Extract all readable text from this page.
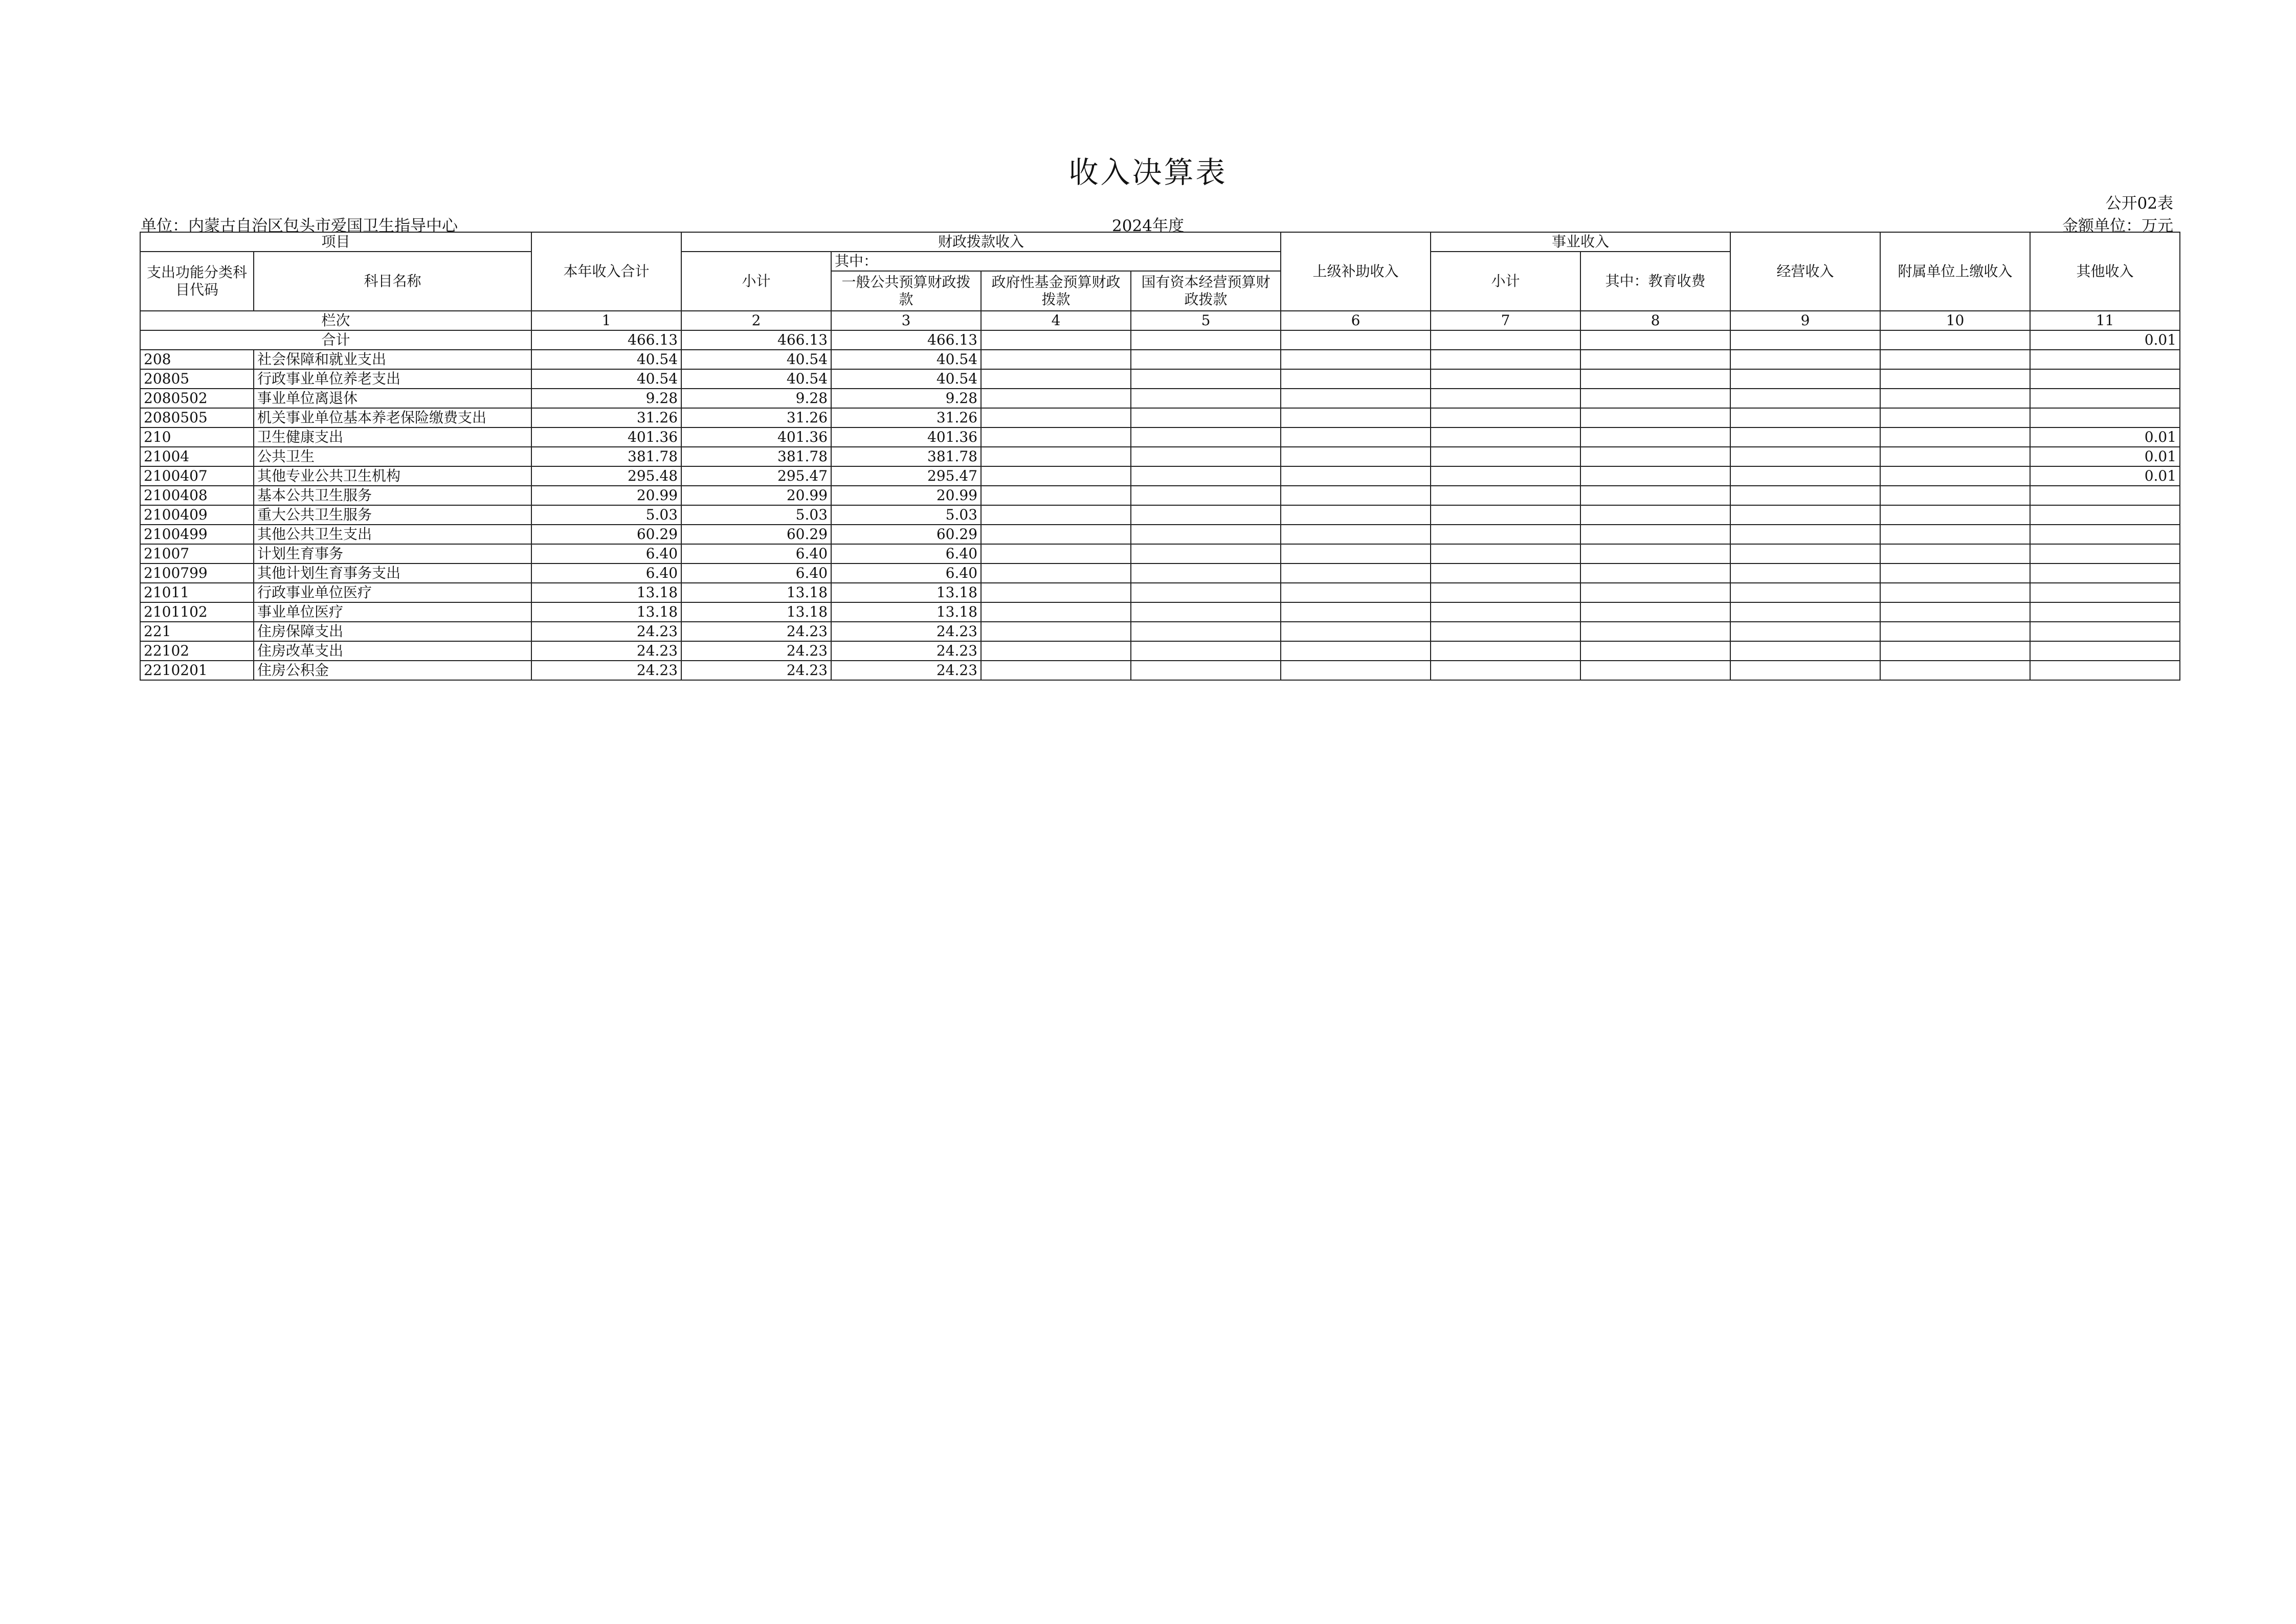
收入决算表
公开02表
单位：内蒙古自治区包头市爱国卫生指导中心	2024年度	金额单位：万元
项目		本年收入合计	财政拨款收入				上级补助收入	事业收入		经营收入	附属单位上缴收入	其他收入
支出功能分类科目代码	科目名称		小计	其中：				小计	其中：教育收费			
				一般公共预算财政拨款	政府性基金预算财政拨款	国有资本经营预算财政拨款						
栏次		1	2	3	4	5	6	7	8	9	10	11
合计		466.13	466.13	466.13								0.01
208	社会保障和就业支出	40.54	40.54	40.54								
20805	行政事业单位养老支出	40.54	40.54	40.54								
2080502	事业单位离退休	9.28	9.28	9.28								
2080505	机关事业单位基本养老保险缴费支出	31.26	31.26	31.26								
210	卫生健康支出	401.36	401.36	401.36								0.01
21004	公共卫生	381.78	381.78	381.78								0.01
2100407	其他专业公共卫生机构	295.48	295.47	295.47								0.01
2100408	基本公共卫生服务	20.99	20.99	20.99								
2100409	重大公共卫生服务	5.03	5.03	5.03								
2100499	其他公共卫生支出	60.29	60.29	60.29								
21007	计划生育事务	6.40	6.40	6.40								
2100799	其他计划生育事务支出	6.40	6.40	6.40								
21011	行政事业单位医疗	13.18	13.18	13.18								
2101102	事业单位医疗	13.18	13.18	13.18								
221	住房保障支出	24.23	24.23	24.23								
22102	住房改革支出	24.23	24.23	24.23								
2210201	住房公积金	24.23	24.23	24.23								
